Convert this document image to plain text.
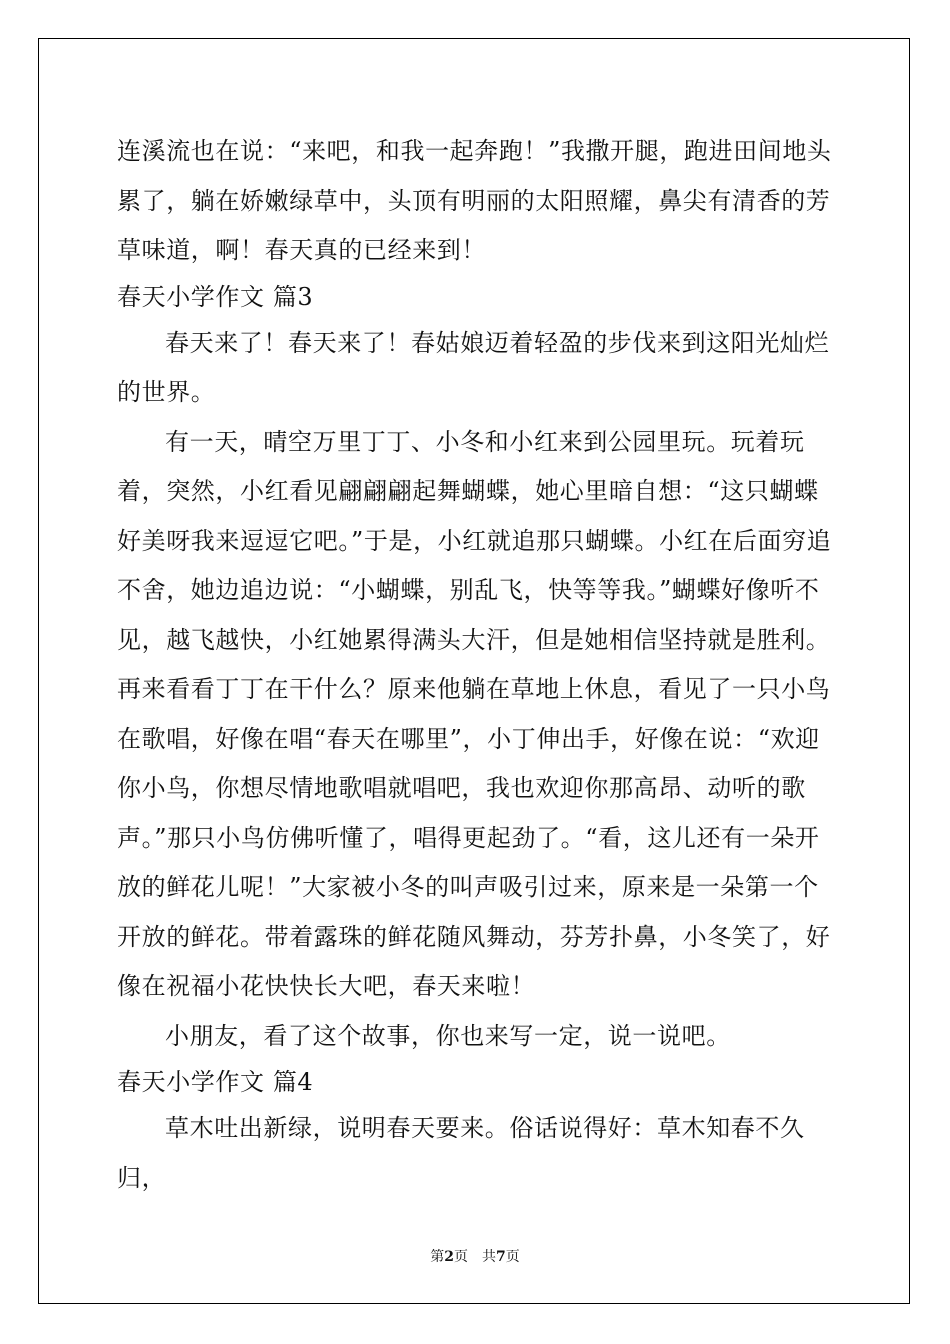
连溪流也在说：“来吧，和我一起奔跑！”我撒开腿，跑进田间地头累了，躺在娇嫩绿草中，头顶有明丽的太阳照耀，鼻尖有清香的芳草味道，啊！春天真的已经来到！

春天小学作文 篇3

春天来了！春天来了！春姑娘迈着轻盈的步伐来到这阳光灿烂的世界。

有一天，晴空万里丁丁、小冬和小红来到公园里玩。玩着玩着，突然，小红看见翩翩翩起舞蝴蝶，她心里暗自想：“这只蝴蝶好美呀我来逗逗它吧。”于是，小红就追那只蝴蝶。小红在后面穷追不舍，她边追边说：“小蝴蝶，别乱飞，快等等我。”蝴蝶好像听不见，越飞越快，小红她累得满头大汗，但是她相信坚持就是胜利。再来看看丁丁在干什么？原来他躺在草地上休息，看见了一只小鸟在歌唱，好像在唱“春天在哪里”，小丁伸出手，好像在说：“欢迎你小鸟，你想尽情地歌唱就唱吧，我也欢迎你那高昂、动听的歌声。”那只小鸟仿佛听懂了，唱得更起劲了。“看，这儿还有一朵开放的鲜花儿呢！”大家被小冬的叫声吸引过来，原来是一朵第一个开放的鲜花。带着露珠的鲜花随风舞动，芬芳扑鼻，小冬笑了，好像在祝福小花快快长大吧，春天来啦！

小朋友，看了这个故事，你也来写一定，说一说吧。

春天小学作文 篇4

草木吐出新绿，说明春天要来。俗话说得好：草木知春不久归，

第2页　共7页
